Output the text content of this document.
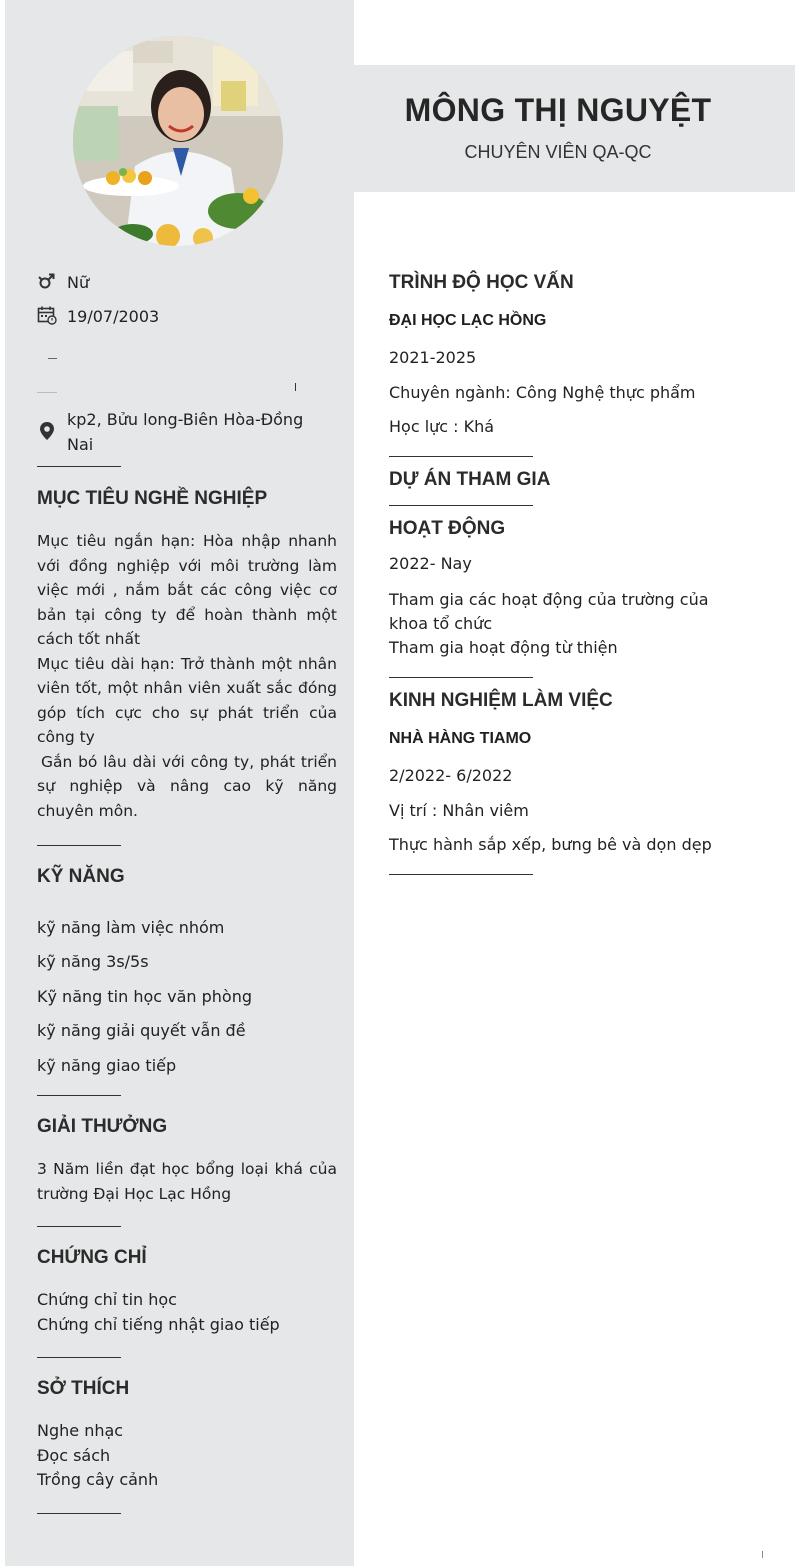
MÔNG THỊ NGUYỆT
CHUYÊN VIÊN QA-QC
Nữ
19/07/2003
kp2, Bửu long-Biên Hòa-Đồng Nai
MỤC TIÊU NGHỀ NGHIỆP
Mục tiêu ngắn hạn: Hòa nhập nhanh với đồng nghiệp với môi trường làm việc mới , nắm bắt các công việc cơ bản tại công ty để hoàn thành một cách tốt nhất
Mục tiêu dài hạn: Trở thành một nhân viên tốt, một nhân viên xuất sắc đóng góp tích cực cho sự phát triển của công ty
Gắn bó lâu dài với công ty, phát triển sự nghiệp và nâng cao kỹ năng chuyên môn.
KỸ NĂNG
kỹ năng làm việc nhóm
kỹ năng 3s/5s
Kỹ năng tin học văn phòng
kỹ năng giải quyết vẫn đề
kỹ năng giao tiếp
GIẢI THƯỞNG
3 Năm liền đạt học bổng loại khá của trường Đại Học Lạc Hồng
CHỨNG CHỈ
Chứng chỉ tin học
Chứng chỉ tiếng nhật giao tiếp
SỞ THÍCH
Nghe nhạc
Đọc sách
Trồng cây cảnh
TRÌNH ĐỘ HỌC VẤN
ĐẠI HỌC LẠC HỒNG
2021-2025
Chuyên ngành: Công Nghệ thực phẩm
Học lực : Khá
DỰ ÁN THAM GIA
HOẠT ĐỘNG
2022- Nay
Tham gia các hoạt động của trường của khoa tổ chức
Tham gia hoạt động từ thiện
KINH NGHIỆM LÀM VIỆC
NHÀ HÀNG TIAMO
2/2022- 6/2022
Vị trí : Nhân viêm
Thực hành sắp xếp, bưng bê và dọn dẹp
